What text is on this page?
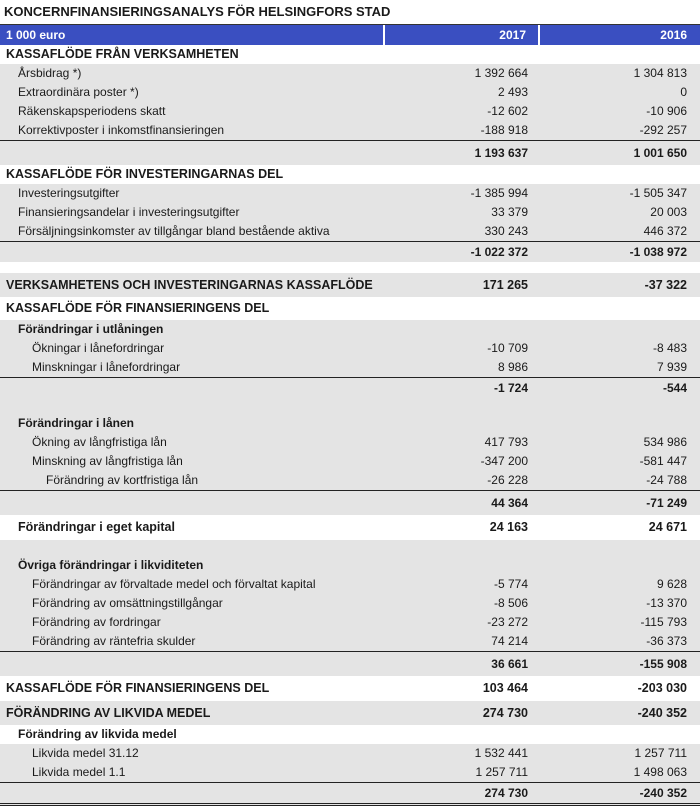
KONCERNFINANSIERINGSANALYS FÖR HELSINGFORS STAD
1 000 euro	2017	2016
KASSAFLÖDE FRÅN VERKSAMHETEN
Årsbidrag *)	1 392 664	1 304 813
Extraordinära poster *)	2 493	0
Räkenskapsperiodens skatt	-12 602	-10 906
Korrektivposter i inkomstfinansieringen	-188 918	-292 257
1 193 637	1 001 650
KASSAFLÖDE FÖR INVESTERINGARNAS DEL
Investeringsutgifter	-1 385 994	-1 505 347
Finansieringsandelar i investeringsutgifter	33 379	20 003
Försäljningsinkomster av tillgångar bland bestående aktiva	330 243	446 372
-1 022 372	-1 038 972
VERKSAMHETENS OCH INVESTERINGARNAS KASSAFLÖDE	171 265	-37 322
KASSAFLÖDE FÖR FINANSIERINGENS DEL
Förändringar i utlåningen
Ökningar i lånefordringar	-10 709	-8 483
Minskningar i lånefordringar	8 986	7 939
-1 724	-544
Förändringar i lånen
Ökning av långfristiga lån	417 793	534 986
Minskning av långfristiga lån	-347 200	-581 447
Förändring av kortfristiga lån	-26 228	-24 788
44 364	-71 249
Förändringar i eget kapital	24 163	24 671
Övriga förändringar i likviditeten
Förändringar av förvaltade medel och förvaltat kapital	-5 774	9 628
Förändring av omsättningstillgångar	-8 506	-13 370
Förändring av fordringar	-23 272	-115 793
Förändring av räntefria skulder	74 214	-36 373
36 661	-155 908
KASSAFLÖDE FÖR FINANSIERINGENS DEL	103 464	-203 030
FÖRÄNDRING AV LIKVIDA MEDEL	274 730	-240 352
Förändring av likvida medel
Likvida medel 31.12	1 532 441	1 257 711
Likvida medel 1.1	1 257 711	1 498 063
274 730	-240 352
